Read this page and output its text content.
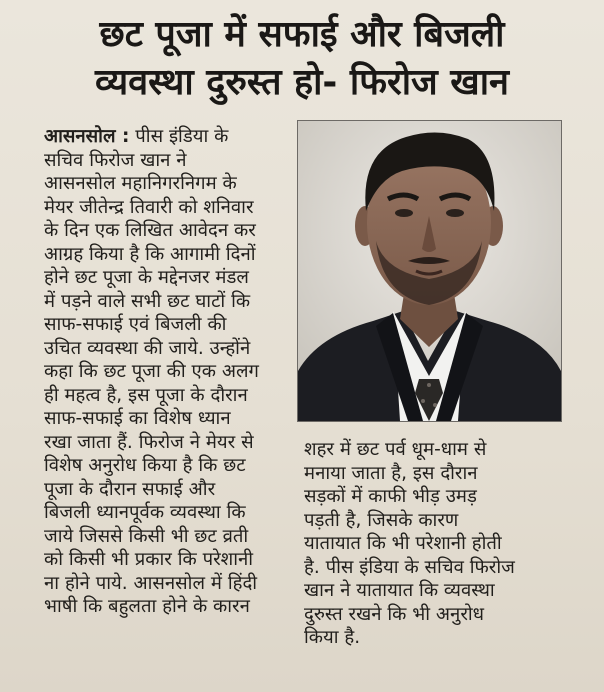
छट पूजा में सफाई और बिजली
व्यवस्था दुरुस्त हो- फिरोज खान
आसनसोल : पीस इंडिया के
सचिव फिरोज खान ने
आसनसोल महानिगरनिगम के
मेयर जीतेन्द्र तिवारी को शनिवार
के दिन एक लिखित आवेदन कर
आग्रह किया है कि आगामी दिनों
होने छट पूजा के मद्देनजर मंडल
में पड़ने वाले सभी छट घाटों कि
साफ-सफाई एवं बिजली की
उचित व्यवस्था की जाये. उन्होंने
कहा कि छट पूजा की एक अलग
ही महत्व है, इस पूजा के दौरान
साफ-सफाई का विशेष ध्यान
रखा जाता हैं. फिरोज ने मेयर से
विशेष अनुरोध किया है कि छट
पूजा के दौरान सफाई और
बिजली ध्यानपूर्वक व्यवस्था कि
जाये जिससे किसी भी छट व्रती
को किसी भी प्रकार कि परेशानी
ना होने पाये. आसनसोल में हिंदी
भाषी कि बहुलता होने के कारन
शहर में छट पर्व धूम-धाम से
मनाया जाता है, इस दौरान
सड़कों में काफी भीड़ उमड़
पड़ती है, जिसके कारण
यातायात कि भी परेशानी होती
है. पीस इंडिया के सचिव फिरोज
खान ने यातायात कि व्यवस्था
दुरुस्त रखने कि भी अनुरोध
किया है.
